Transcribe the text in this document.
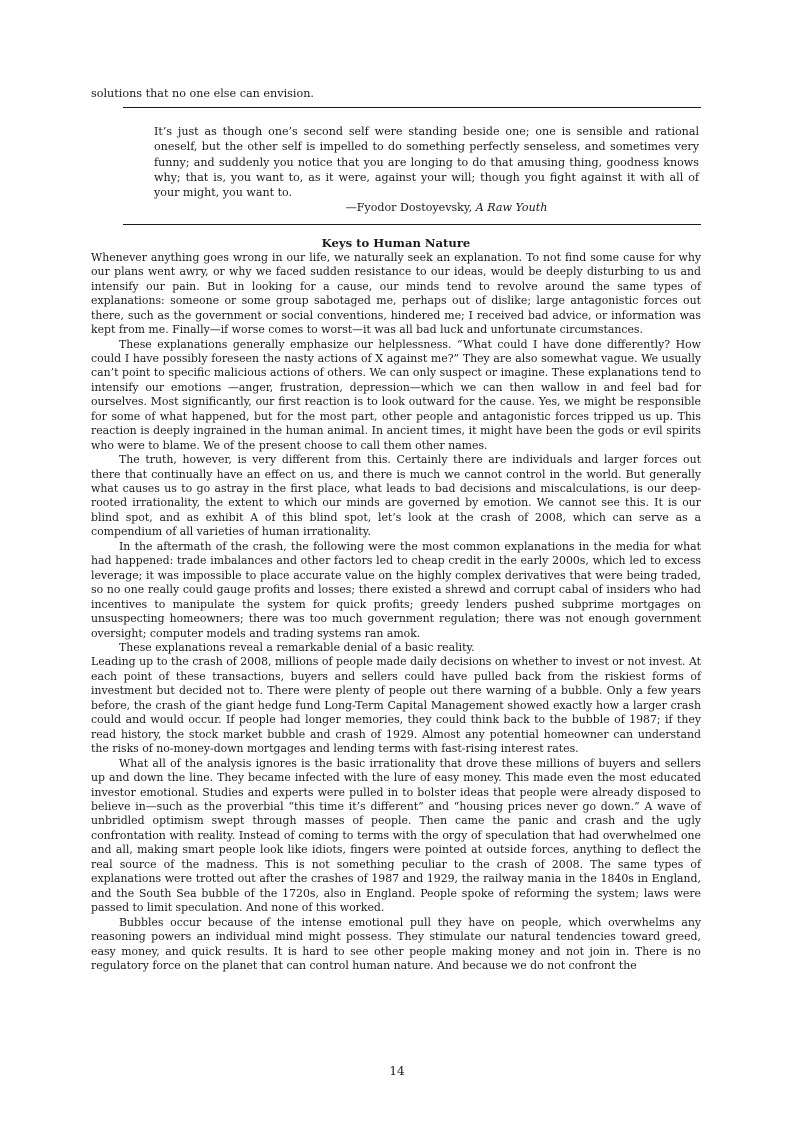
solutions that no one else can envision.

It’s just as though one’s second self were standing beside one; one is sensible and rational oneself, but the other self is impelled to do something perfectly senseless, and sometimes very funny; and suddenly you notice that you are longing to do that amusing thing, goodness knows why; that is, you want to, as it were, against your will; though you fight against it with all of your might, you want to.

—Fyodor Dostoyevsky, A Raw Youth

Keys to Human Nature

Whenever anything goes wrong in our life, we naturally seek an explanation. To not find some cause for why our plans went awry, or why we faced sudden resistance to our ideas, would be deeply disturbing to us and intensify our pain. But in looking for a cause, our minds tend to revolve around the same types of explanations: someone or some group sabotaged me, perhaps out of dislike; large antagonistic forces out there, such as the government or social conventions, hindered me; I received bad advice, or information was kept from me. Finally—if worse comes to worst—it was all bad luck and unfortunate circumstances.

These explanations generally emphasize our helplessness. “What could I have done differently? How could I have possibly foreseen the nasty actions of X against me?” They are also somewhat vague. We usually can’t point to specific malicious actions of others. We can only suspect or imagine. These explanations tend to intensify our emotions —anger, frustration, depression—which we can then wallow in and feel bad for ourselves. Most significantly, our first reaction is to look outward for the cause. Yes, we might be responsible for some of what happened, but for the most part, other people and antagonistic forces tripped us up. This reaction is deeply ingrained in the human animal. In ancient times, it might have been the gods or evil spirits who were to blame. We of the present choose to call them other names.

The truth, however, is very different from this. Certainly there are individuals and larger forces out there that continually have an effect on us, and there is much we cannot control in the world. But generally what causes us to go astray in the first place, what leads to bad decisions and miscalculations, is our deep-rooted irrationality, the extent to which our minds are governed by emotion. We cannot see this. It is our blind spot, and as exhibit A of this blind spot, let’s look at the crash of 2008, which can serve as a compendium of all varieties of human irrationality.

In the aftermath of the crash, the following were the most common explanations in the media for what had happened: trade imbalances and other factors led to cheap credit in the early 2000s, which led to excess leverage; it was impossible to place accurate value on the highly complex derivatives that were being traded, so no one really could gauge profits and losses; there existed a shrewd and corrupt cabal of insiders who had incentives to manipulate the system for quick profits; greedy lenders pushed subprime mortgages on unsuspecting homeowners; there was too much government regulation; there was not enough government oversight; computer models and trading systems ran amok.

These explanations reveal a remarkable denial of a basic reality.

Leading up to the crash of 2008, millions of people made daily decisions on whether to invest or not invest. At each point of these transactions, buyers and sellers could have pulled back from the riskiest forms of investment but decided not to. There were plenty of people out there warning of a bubble. Only a few years before, the crash of the giant hedge fund Long-Term Capital Management showed exactly how a larger crash could and would occur. If people had longer memories, they could think back to the bubble of 1987; if they read history, the stock market bubble and crash of 1929. Almost any potential homeowner can understand the risks of no-money-down mortgages and lending terms with fast-rising interest rates.

What all of the analysis ignores is the basic irrationality that drove these millions of buyers and sellers up and down the line. They became infected with the lure of easy money. This made even the most educated investor emotional. Studies and experts were pulled in to bolster ideas that people were already disposed to believe in—such as the proverbial “this time it’s different” and “housing prices never go down.” A wave of unbridled optimism swept through masses of people. Then came the panic and crash and the ugly confrontation with reality. Instead of coming to terms with the orgy of speculation that had overwhelmed one and all, making smart people look like idiots, fingers were pointed at outside forces, anything to deflect the real source of the madness. This is not something peculiar to the crash of 2008. The same types of explanations were trotted out after the crashes of 1987 and 1929, the railway mania in the 1840s in England, and the South Sea bubble of the 1720s, also in England. People spoke of reforming the system; laws were passed to limit speculation. And none of this worked.

Bubbles occur because of the intense emotional pull they have on people, which overwhelms any reasoning powers an individual mind might possess. They stimulate our natural tendencies toward greed, easy money, and quick results. It is hard to see other people making money and not join in. There is no regulatory force on the planet that can control human nature. And because we do not confront the

14
